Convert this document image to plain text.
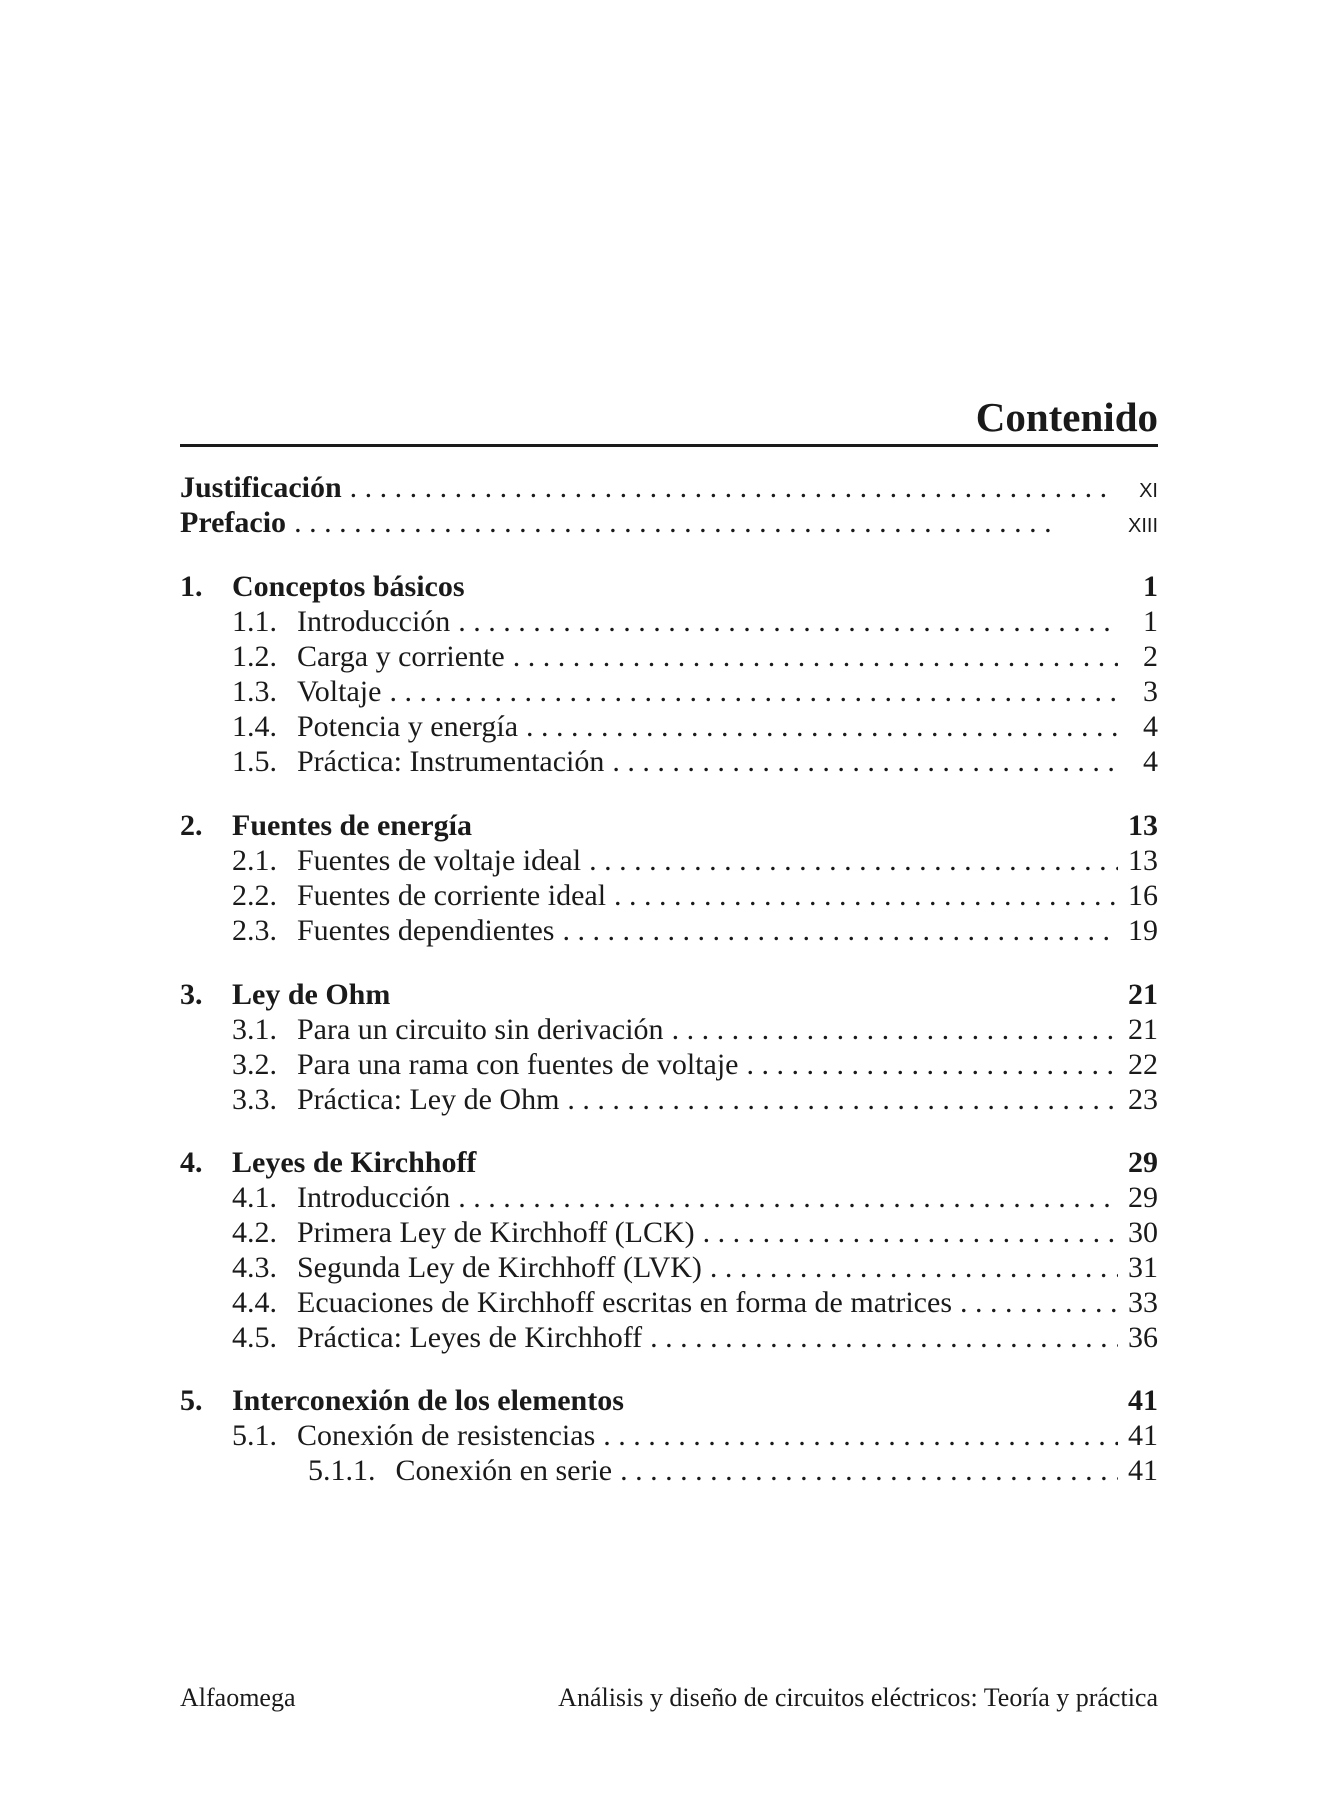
Contenido
Justificación . .	XI
Prefacio . .	XIII
1. Conceptos básicos	1
1.1. Introducción . .	1
1.2. Carga y corriente . .	2
1.3. Voltaje . .	3
1.4. Potencia y energía . .	4
1.5. Práctica: Instrumentación . .	4
2. Fuentes de energía	13
2.1. Fuentes de voltaje ideal . .	13
2.2. Fuentes de corriente ideal . .	16
2.3. Fuentes dependientes . .	19
3. Ley de Ohm	21
3.1. Para un circuito sin derivación . .	21
3.2. Para una rama con fuentes de voltaje . .	22
3.3. Práctica: Ley de Ohm . .	23
4. Leyes de Kirchhoff	29
4.1. Introducción . .	29
4.2. Primera Ley de Kirchhoff (LCK) . .	30
4.3. Segunda Ley de Kirchhoff (LVK) . .	31
4.4. Ecuaciones de Kirchhoff escritas en forma de matrices . .	33
4.5. Práctica: Leyes de Kirchhoff . .	36
5. Interconexión de los elementos	41
5.1. Conexión de resistencias . .	41
5.1.1. Conexión en serie . .	41
Alfaomega	Análisis y diseño de circuitos eléctricos: Teoría y práctica
